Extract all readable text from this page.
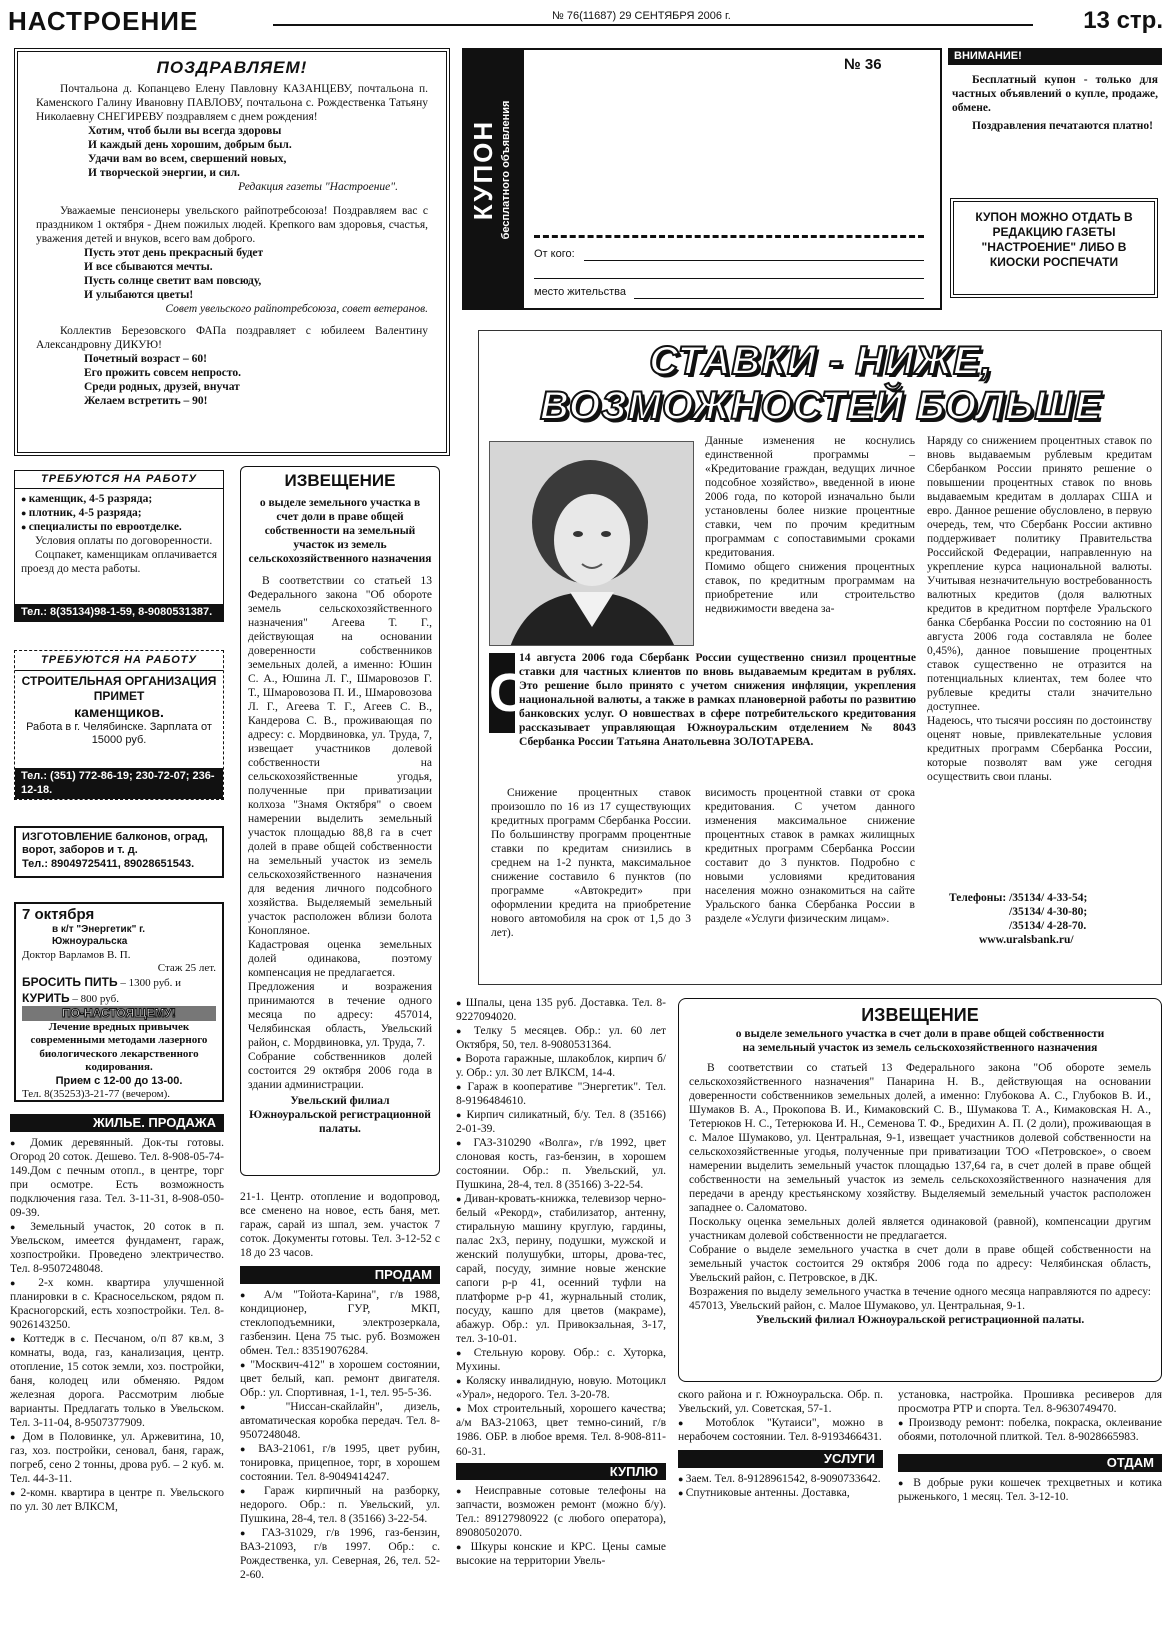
НАСТРОЕНИЕ	№ 76(11687) 29 СЕНТЯБРЯ 2006 г.	13 стр.
ПОЗДРАВЛЯЕМ!

Почтальона д. Копанцево Елену Павловну КАЗАНЦЕВУ, почтальона п. Каменского Галину Ивановну ПАВЛОВУ, почтальона с. Рождественка Татьяну Николаевну СНЕГИРЕВУ поздравляем с днем рождения!

Хотим, чтоб были вы всегда здоровы

И каждый день хорошим, добрым был.

Удачи вам во всем, свершений новых,

И творческой энергии, и сил.

Редакция газеты "Настроение".

Уважаемые пенсионеры увельского райпотребсоюза! Поздравляем вас с праздником 1 октября - Днем пожилых людей. Крепкого вам здоровья, счастья, уважения детей и внуков, всего вам доброго.

Пусть этот день прекрасный будет

И все сбываются мечты.

Пусть солнце светит вам повсюду,

И улыбаются цветы!

Совет увельского райпотребсоюза, совет ветеранов.

Коллектив Березовского ФАПа поздравляет с юбилеем Валентину Александровну ДИКУЮ!

Почетный возраст – 60!

Его прожить совсем непросто.

Среди родных, друзей, внучат

Желаем встретить – 90!

КУПОН бесплатного объявления
№ 36
От кого:
место жительства
ВНИМАНИЕ!

Бесплатный купон - только для частных объявлений о купле, продаже, обмене.

Поздравления печатаются платно!

КУПОН МОЖНО ОТДАТЬ В РЕДАКЦИЮ ГАЗЕТЫ "НАСТРОЕНИЕ" ЛИБО В КИОСКИ РОСПЕЧАТИ
СТАВКИ - НИЖЕ,
ВОЗМОЖНОСТЕЙ БОЛЬШЕ
Данные изменения не коснулись единственной программы – «Кредитование граждан, ведущих личное подсобное хозяйство», введенной в июне 2006 года, по которой изначально были установлены более низкие процентные ставки, чем по прочим кредитным программам с сопоставимыми сроками кредитования.
Помимо общего снижения процентных ставок, по кредитным программам на приобретение или строительство недвижимости введена за-
Наряду со снижением процентных ставок по вновь выдаваемым рублевым кредитам Сбербанком России принято решение о повышении процентных ставок по вновь выдаваемым кредитам в долларах США и евро. Данное решение обусловлено, в первую очередь, тем, что Сбербанк России активно поддерживает политику Правительства Российской Федерации, направленную на укрепление курса национальной валюты. Учитывая незначительную востребованность валютных кредитов (доля валютных кредитов в кредитном портфеле Уральского банка Сбербанка России по состоянию на 01 августа 2006 года составляла не более 0,45%), данное повышение процентных ставок существенно не отразится на потенциальных клиентах, тем более что рублевые кредиты стали значительно доступнее.
Надеюсь, что тысячи россиян по достоинству оценят новые, привлекательные условия кредитных программ Сбербанка России, которые позволят вам уже сегодня осуществить свои планы.
Телефоны: /35134/ 4-33-54;
/35134/ 4-30-80;
/35134/ 4-28-70.
www.uralsbank.ru/
С
14 августа 2006 года Сбербанк России существенно снизил процентные ставки для частных клиентов по вновь выдаваемым кредитам в рублях. Это решение было принято с учетом снижения инфляции, укрепления национальной валюты, а также в рамках плановерной работы по развитию банковских услуг. О новшествах в сфере потребительского кредитования рассказывает управляющая Южноуральским отделением № 8043 Сбербанка России Татьяна Анатольевна ЗОЛОТАРЕВА.
Снижение процентных ставок произошло по 16 из 17 существующих кредитных программ Сбербанка России. По большинству программ процентные ставки по кредитам снизились в среднем на 1-2 пункта, максимальное снижение составило 6 пунктов (по программе «Автокредит» при оформлении кредита на приобретение нового автомобиля на срок от 1,5 до 3 лет).
висимость процентной ставки от срока кредитования. С учетом данного изменения максимальное снижение процентных ставок в рамках жилищных кредитных программ Сбербанка России составит до 3 пунктов. Подробно с новыми условиями кредитования населения можно ознакомиться на сайте Уральского банка Сбербанка России в разделе «Услуги физическим лицам».
ТРЕБУЮТСЯ НА РАБОТУ

● каменщик, 4-5 разряда;

● плотник, 4-5 разряда;

● специалисты по евроотделке.

Условия оплаты по договоренности.

Соцпакет, каменщикам оплачивается проезд до места работы.

Тел.: 8(35134)98-1-59, 8-9080531387.
ТРЕБУЮТСЯ НА РАБОТУ
СТРОИТЕЛЬНАЯ ОРГАНИЗАЦИЯ
ПРИМЕТ
каменщиков.

Работа в г. Челябинске. Зарплата от 15000 руб.

Тел.: (351) 772-86-19; 230-72-07; 236-12-18.

ИЗГОТОВЛЕНИЕ балконов, оград, ворот, заборов и т. д.

Тел.: 89049725411, 89028651543.

7 октября
в к/т "Энергетик" г. Южноуральска
Доктор Варламов В. П.
Стаж 25 лет.
БРОСИТЬ ПИТЬ – 1300 руб. и
КУРИТЬ – 800 руб.
ПО-НАСТОЯЩЕМУ!

Лечение вредных привычек современными методами лазерного биологического лекарственного кодирования.

Прием с 12-00 до 13-00.
Тел. 8(35253)3-21-77 (вечером).
ИЗВЕЩЕНИЕ

о выделе земельного участка в счет доли в праве общей собственности на земельный участок из земель сельскохозяйственного назначения

В соответствии со статьей 13 Федерального закона "Об обороте земель сельскохозяйственного назначения" Агеева Т. Г., действующая на основании доверенности собственников земельных долей, а именно: Юшин С. А., Юшина Л. Г., Шмаровозов Г. Т., Шмаровозова П. И., Шмаровозова Л. Г., Агеева Т. Г., Агеев С. В., Кандерова С. В., проживающая по адресу: с. Мордвиновка, ул. Труда, 7, извещает участников долевой собственности на сельскохозяйственные угодья, полученные при приватизации колхоза "Знамя Октября" о своем намерении выделить земельный участок площадью 88,8 га в счет долей в праве общей собственности на земельный участок из земель сельскохозяйственного назначения для ведения личного подсобного хозяйства. Выделяемый земельный участок расположен вблизи болота Конопляное.
Кадастровая оценка земельных долей одинакова, поэтому компенсация не предлагается.
Предложения и возражения принимаются в течение одного месяца по адресу: 457014, Челябинская область, Увельский район, с. Мордвиновка, ул. Труда, 7.
Собрание собственников долей состоится 29 октября 2006 года в здании администрации.

Увельский филиал Южноуральской регистрационной палаты.

ИЗВЕЩЕНИЕ

о выделе земельного участка в счет доли в праве общей собственности на земельный участок из земель сельскохозяйственного назначения

В соответствии со статьей 13 Федерального закона "Об обороте земель сельскохозяйственного назначения" Панарина Н. В., действующая на основании доверенности собственников земельных долей, а именно: Глубокова А. С., Глубоков В. И., Шумаков В. А., Прокопова В. И., Кимаковский С. В., Шумакова Т. А., Кимаковская Н. А., Тетерюков Н. С., Тетерюкова И. Н., Семенова Т. Ф., Бредихин А. П. (2 доли), проживающая в с. Малое Шумаково, ул. Центральная, 9-1, извещает участников долевой собственности на сельскохозяйственные угодья, полученные при приватизации ТОО «Петровское», о своем намерении выделить земельный участок площадью 137,64 га, в счет долей в праве общей собственности на земельный участок из земель сельскохозяйственного назначения для передачи в аренду крестьянскому хозяйству. Выделяемый земельный участок расположен западнее о. Саломатово.
Поскольку оценка земельных долей является одинаковой (равной), компенсации другим участникам долевой собственности не предлагается.
Собрание о выделе земельного участка в счет доли в праве общей собственности на земельный участок состоится 29 октября 2006 года по адресу: Челябинская область, Увельский район, с. Петровское, в ДК.
Возражения по выделу земельного участка в течение одного месяца направляются по адресу: 457013, Увельский район, с. Малое Шумаково, ул. Центральная, 9-1.

Увельский филиал Южноуральской регистрационной палаты.

ЖИЛЬЕ. ПРОДАЖА

● Домик деревянный. Док-ты готовы. Огород 20 соток. Дешево. Тел. 8-908-05-74-149.Дом с печным отопл., в центре, торг при осмотре. Есть возможность подключения газа. Тел. 3-11-31, 8-908-050-09-39.

● Земельный участок, 20 соток в п. Увельском, имеется фундамент, гараж, хозпостройки. Проведено электричество. Тел. 8-9507248048.

● 2-х комн. квартира улучшенной планировки в с. Красносельском, рядом п. Красногорский, есть хозпостройки. Тел. 8-9026143250.

● Коттедж в с. Песчаном, о/п 87 кв.м, 3 комнаты, вода, газ, канализация, центр. отопление, 15 соток земли, хоз. постройки, баня, колодец или обменяю. Рядом железная дорога. Рассмотрим любые варианты. Предлагать только в Увельском. Тел. 3-11-04, 8-9507377909.

● Дом в Половинке, ул. Аржевитина, 10, газ, хоз. постройки, сеновал, баня, гараж, погреб, сено 2 тонны, дрова руб. – 2 куб. м. Тел. 44-3-11.

● 2-комн. квартира в центре п. Увельского по ул. 30 лет ВЛКСМ,

21-1. Центр. отопление и водопровод, все сменено на новое, есть баня, мет. гараж, сарай из шпал, зем. участок 7 соток. Документы готовы. Тел. 3-12-52 с 18 до 23 часов.

ПРОДАМ

● А/м "Тойота-Карина", г/в 1988, кондиционер, ГУР, МКП, стеклоподъемники, электрозеркала, газбензин. Цена 75 тыс. руб. Возможен обмен. Тел.: 83519076284.

● "Москвич-412" в хорошем состоянии, цвет белый, кап. ремонт двигателя. Обр.: ул. Спортивная, 1-1, тел. 95-5-36.

● "Ниссан-скайлайн", дизель, автоматическая коробка передач. Тел. 8-9507248048.

● ВАЗ-21061, г/в 1995, цвет рубин, тонировка, прицепное, торг, в хорошем состоянии. Тел. 8-9049414247.

● Гараж кирпичный на разборку, недорого. Обр.: п. Увельский, ул. Пушкина, 28-4, тел. 8 (35166) 3-22-54.

● ГАЗ-31029, г/в 1996, газ-бензин, ВАЗ-21093, г/в 1997. Обр.: с. Рождественка, ул. Северная, 26, тел. 52-2-60.

● Шпалы, цена 135 руб. Доставка. Тел. 8-9227094020.

● Телку 5 месяцев. Обр.: ул. 60 лет Октября, 50, тел. 8-9080531364.

● Ворота гаражные, шлакоблок, кирпич б/у. Обр.: ул. 30 лет ВЛКСМ, 14-4.

● Гараж в кооперативе "Энергетик". Тел. 8-9196484610.

● Кирпич силикатный, б/у. Тел. 8 (35166) 2-01-39.

● ГАЗ-310290 «Волга», г/в 1992, цвет слоновая кость, газ-бензин, в хорошем состоянии. Обр.: п. Увельский, ул. Пушкина, 28-4, тел. 8 (35166) 3-22-54.

● Диван-кровать-книжка, телевизор черно-белый «Рекорд», стабилизатор, антенну, стиральную машину круглую, гардины, палас 2х3, перину, подушки, мужской и женский полушубки, шторы, дрова-тес, сарай, посуду, зимние новые женские сапоги р-р 41, осенний туфли на платформе р-р 41, журнальный столик, посуду, кашпо для цветов (макраме), абажур. Обр.: ул. Привокзальная, 3-17, тел. 3-10-01.

● Стельную корову. Обр.: с. Хуторка, Мухины.

● Коляску инвалидную, новую. Мотоцикл «Урал», недорого. Тел. 3-20-78.

● Мох строительный, хорошего качества; а/м ВАЗ-21063, цвет темно-синий, г/в 1986. ОБР. в любое время. Тел. 8-908-811-60-31.

КУПЛЮ

● Неисправные сотовые телефоны на запчасти, возможен ремонт (можно б/у). Тел.: 89127980922 (с любого оператора), 89080502070.

● Шкуры конские и КРС. Цены самые высокие на территории Увель-

ского района и г. Южноуральска. Обр. п. Увельский, ул. Советская, 57-1.

● Мотоблок "Кутаиси", можно в нерабочем состоянии. Тел. 8-9193466431.

УСЛУГИ

● Заем. Тел. 8-9128961542, 8-9090733642.

● Спутниковые антенны. Доставка,

установка, настройка. Прошивка ресиверов для просмотра РТР и спорта. Тел. 8-9630749470.

● Производу ремонт: побелка, покраска, оклеивание обоями, потолочной плиткой. Тел. 8-9028665983.

ОТДАМ

● В добрые руки кошечек трехцветных и котика рыженького, 1 месяц. Тел. 3-12-10.
